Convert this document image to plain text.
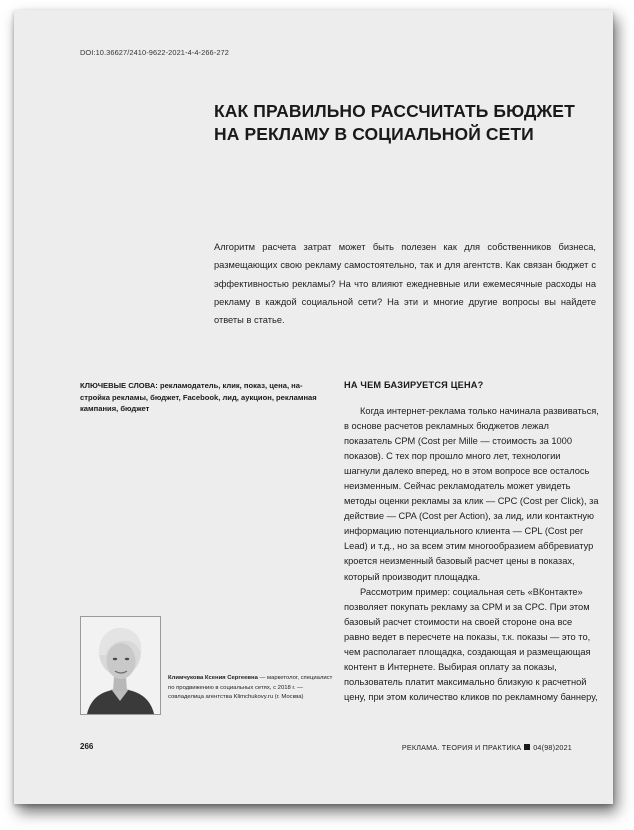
DOI:10.36627/2410-9622-2021-4-4-266-272
КАК ПРАВИЛЬНО РАССЧИТАТЬ БЮДЖЕТ НА РЕКЛАМУ В СОЦИАЛЬНОЙ СЕТИ
Алгоритм расчета затрат может быть полезен как для собственников бизнеса, размещающих свою рекламу самостоятельно, так и для агентств. Как связан бюджет с эффективностью рекламы? На что влияют ежедневные или ежемесячные расходы на рекламу в каждой социальной сети? На эти и многие другие вопросы вы найдете ответы в статье.
КЛЮЧЕВЫЕ СЛОВА: рекламодатель, клик, показ, цена, настройка рекламы, бюджет, Facebook, лид, аукцион, рекламная кампания, бюджет
НА ЧЕМ БАЗИРУЕТСЯ ЦЕНА?

Когда интернет-реклама только начинала развиваться, в основе расчетов рекламных бюджетов лежал показатель CPM (Cost per Mille — стоимость за 1000 показов). С тех пор прошло много лет, технологии шагнули далеко вперед, но в этом вопросе все осталось неизменным. Сейчас рекламодатель может увидеть методы оценки рекламы за клик — CPC (Cost per Click), за действие — CPA (Cost per Action), за лид, или контактную информацию потенциального клиента — CPL (Cost per Lead) и т.д., но за всем этим многообразием аббревиатур кроется неизменный базовый расчет цены в показах, который производит площадка.

Рассмотрим пример: социальная сеть «ВКонтакте» позволяет покупать рекламу за CPM и за CPC. При этом базовый расчет стоимости на своей стороне она все равно ведет в пересчете на показы, т.к. показы — это то, чем располагает площадка, создающая и размещающая контент в Интернете. Выбирая оплату за показы, пользователь платит максимально близкую к расчетной цену, при этом количество кликов по рекламному баннеру,

Климчукова Ксения Сергеевна — маркетолог, специалист по продвижению в социальных сетях, с 2018 г. — совладелица агентства Klimchukovy.ru (г. Москва)
266	РЕКЛАМА. ТЕОРИЯ И ПРАКТИКА 04(98)2021
